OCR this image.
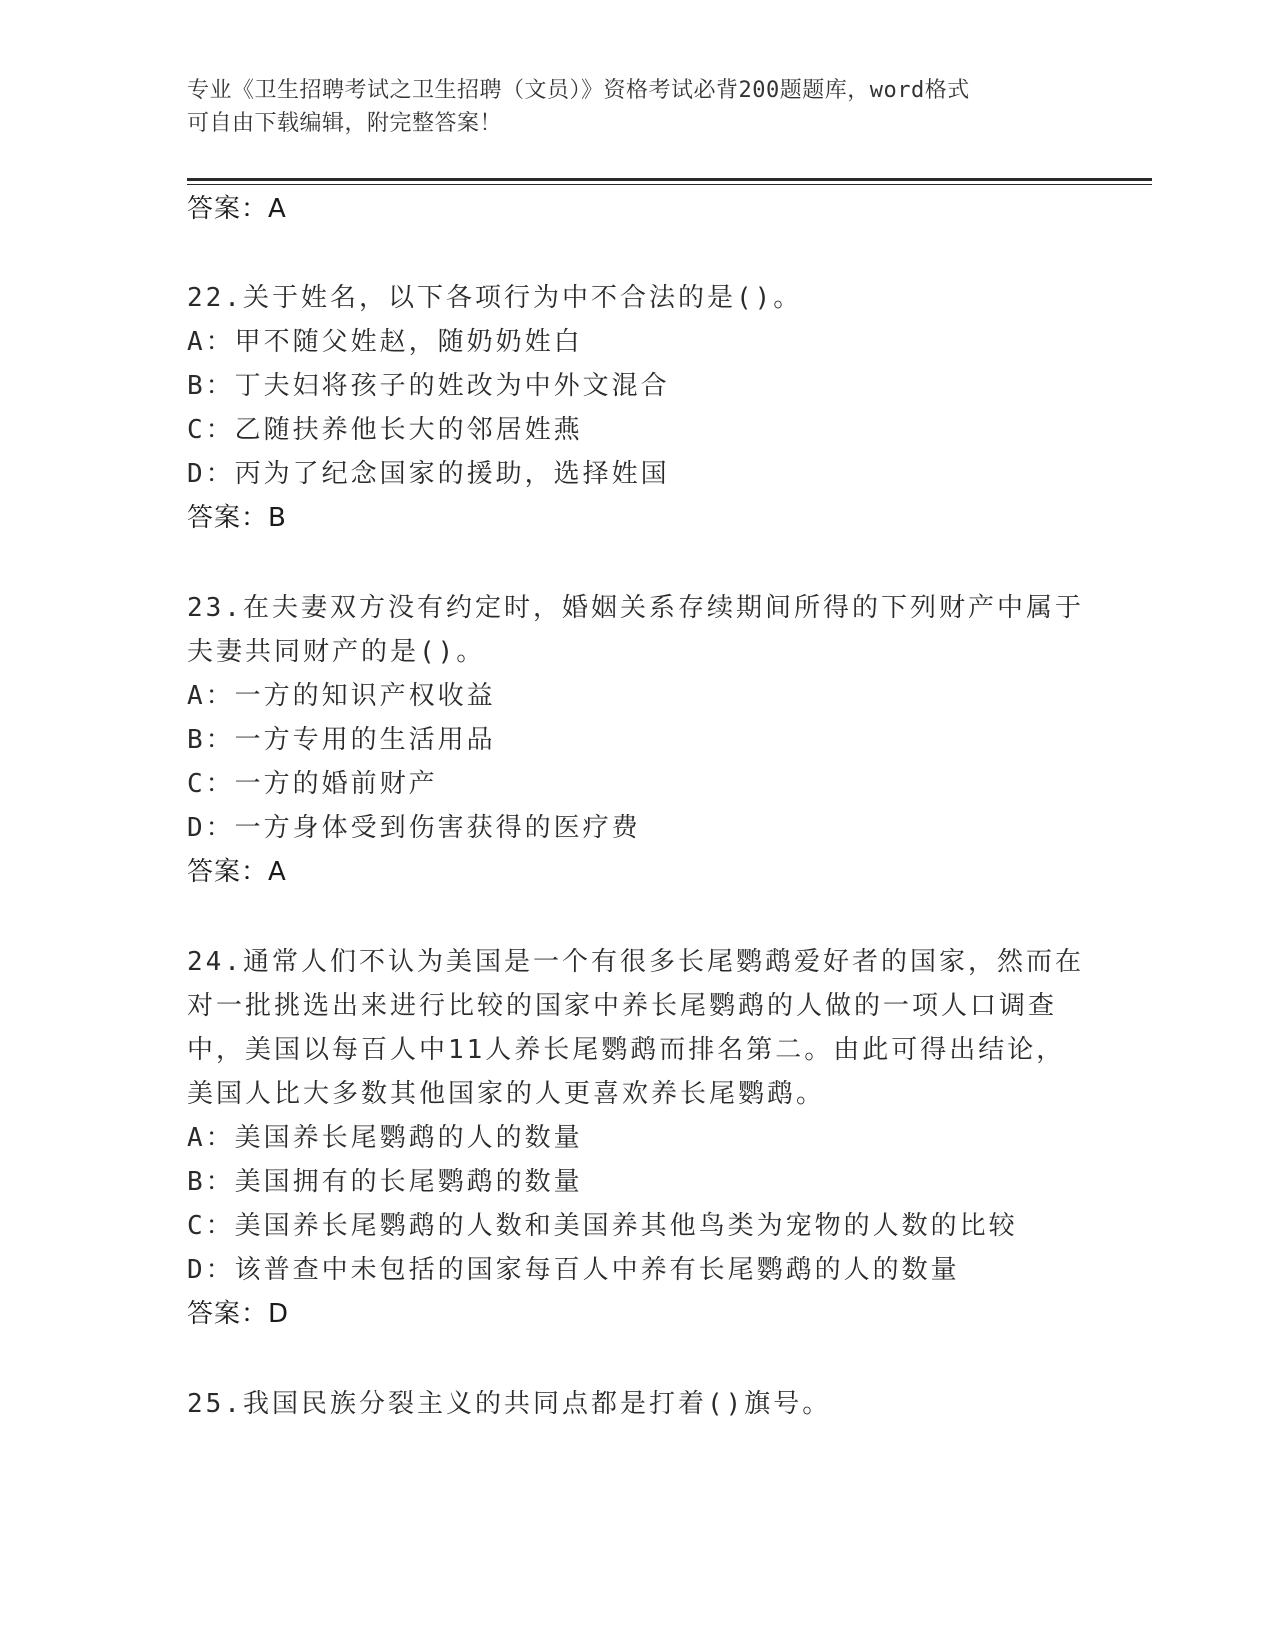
专业《卫生招聘考试之卫生招聘（文员）》资格考试必背200题题库，word格式
可自由下载编辑，附完整答案！
答案：A
22.关于姓名，以下各项行为中不合法的是()。
A：甲不随父姓赵，随奶奶姓白
B：丁夫妇将孩子的姓改为中外文混合
C：乙随扶养他长大的邻居姓燕
D：丙为了纪念国家的援助，选择姓国
答案：B
23.在夫妻双方没有约定时，婚姻关系存续期间所得的下列财产中属于
夫妻共同财产的是()。
A：一方的知识产权收益
B：一方专用的生活用品
C：一方的婚前财产
D：一方身体受到伤害获得的医疗费
答案：A
24.通常人们不认为美国是一个有很多长尾鹦鹉爱好者的国家，然而在
对一批挑选出来进行比较的国家中养长尾鹦鹉的人做的一项人口调查
中，美国以每百人中11人养长尾鹦鹉而排名第二。由此可得出结论，
美国人比大多数其他国家的人更喜欢养长尾鹦鹉。
A：美国养长尾鹦鹉的人的数量
B：美国拥有的长尾鹦鹉的数量
C：美国养长尾鹦鹉的人数和美国养其他鸟类为宠物的人数的比较
D：该普查中未包括的国家每百人中养有长尾鹦鹉的人的数量
答案：D
25.我国民族分裂主义的共同点都是打着()旗号。
